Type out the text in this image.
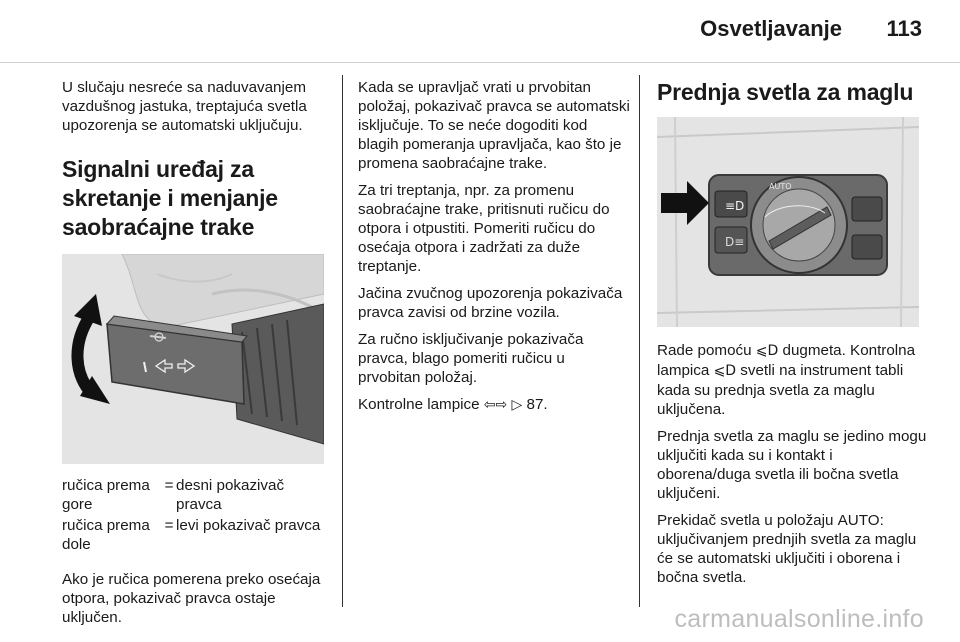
Osvetljavanje 113

U slučaju nesreće sa naduvavanjem vazdušnog jastuka, treptajuća svetla upozorenja se automatski uključuju.

Signalni uređaj za skretanje i menjanje saobraćajne trake
ručica prema gore	=	desni pokazivač pravca
ručica prema dole	=	levi pokazivač pravca

Ako je ručica pomerena preko osećaja otpora, pokazivač pravca ostaje uključen.

Kada se upravljač vrati u prvobitan položaj, pokazivač pravca se automatski isključuje. To se neće dogoditi kod blagih pomeranja upravljača, kao što je promena saobraćajne trake.

Za tri treptanja, npr. za promenu saobraćajne trake, pritisnuti ručicu do otpora i otpustiti. Pomeriti ručicu do osećaja otpora i zadržati za duže treptanje.

Jačina zvučnog upozorenja pokazivača pravca zavisi od brzine vozila.

Za ručno isključivanje pokazivača pravca, blago pomeriti ručicu u prvobitan položaj.

Kontrolne lampice ⇦⇨ ▷ 87.

Prednja svetla za maglu
≡D
D≡
AUTO

Rade pomoću ⩽D dugmeta. Kontrolna lampica ⩽D svetli na instrument tabli kada su prednja svetla za maglu uključena.

Prednja svetla za maglu se jedino mogu uključiti kada su i kontakt i oborena/duga svetla ili bočna svetla uključeni.

Prekidač svetla u položaju AUTO: uključivanjem prednjih svetla za maglu će se automatski uključiti i oborena i bočna svetla.

carmanualsonline.info
